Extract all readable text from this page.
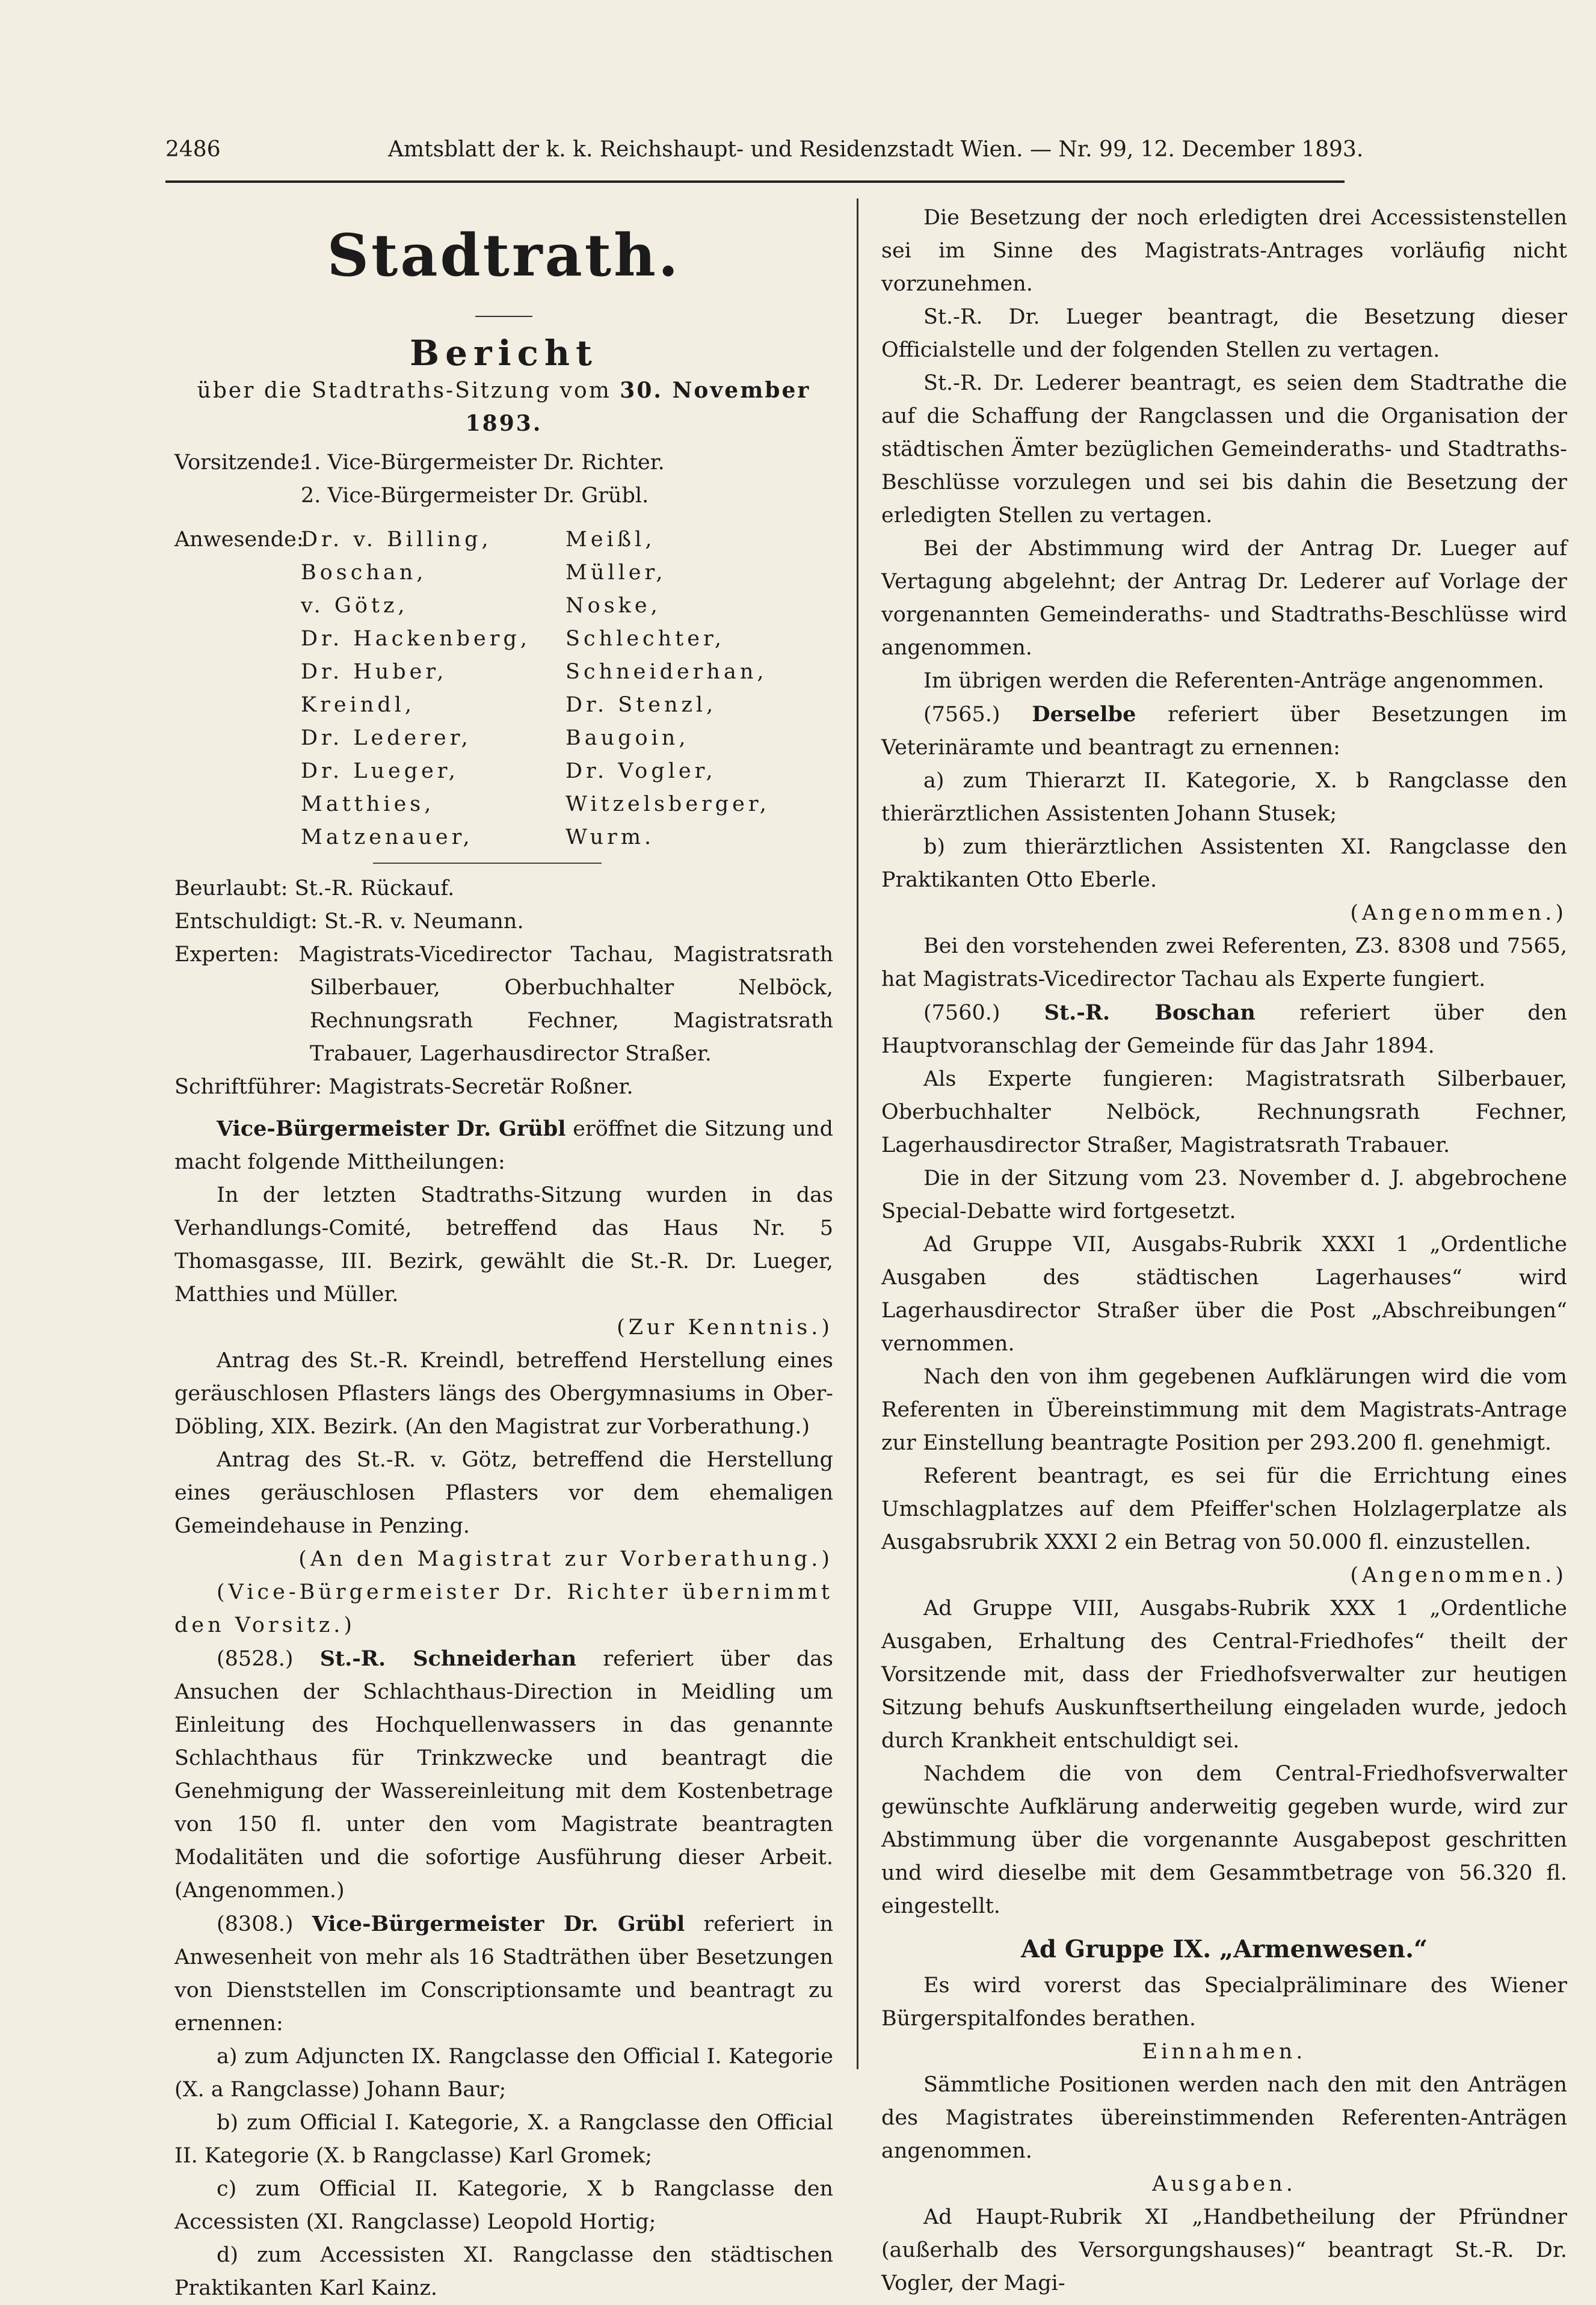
2486	Amtsblatt der k. k. Reichshaupt- und Residenzstadt Wien. — Nr. 99, 12. December 1893.
Stadtrath.
Bericht
über die Stadtraths-Sitzung vom 30. November 1893.
Vorsitzende:
1. Vice-Bürgermeister Dr. Richter.
2. Vice-Bürgermeister Dr. Grübl.
Anwesende:
Dr. v. Billing,	Meißl,
Boschan,	Müller,
v. Götz,	Noske,
Dr. Hackenberg,	Schlechter,
Dr. Huber,	Schneiderhan,
Kreindl,	Dr. Stenzl,
Dr. Lederer,	Baugoin,
Dr. Lueger,	Dr. Vogler,
Matthies,	Witzelsberger,
Matzenauer,	Wurm.

Beurlaubt: St.-R. Rückauf.

Entschuldigt: St.-R. v. Neumann.

Experten: Magistrats-Vicedirector Tachau, Magistratsrath Silberbauer, Oberbuchhalter Nelböck, Rechnungsrath Fechner, Magistratsrath Trabauer, Lagerhausdirector Straßer.

Schriftführer: Magistrats-Secretär Roßner.

Vice-Bürgermeister Dr. Grübl eröffnet die Sitzung und macht folgende Mittheilungen:

In der letzten Stadtraths-Sitzung wurden in das Verhandlungs-Comité, betreffend das Haus Nr. 5 Thomasgasse, III. Bezirk, gewählt die St.-R. Dr. Lueger, Matthies und Müller.

(Zur Kenntnis.)

Antrag des St.-R. Kreindl, betreffend Herstellung eines geräuschlosen Pflasters längs des Obergymnasiums in Ober-Döbling, XIX. Bezirk. (An den Magistrat zur Vorberathung.)

Antrag des St.-R. v. Götz, betreffend die Herstellung eines geräuschlosen Pflasters vor dem ehemaligen Gemeindehause in Penzing.

(An den Magistrat zur Vorberathung.)

(Vice-Bürgermeister Dr. Richter übernimmt den Vorsitz.)

(8528.) St.-R. Schneiderhan referiert über das Ansuchen der Schlachthaus-Direction in Meidling um Einleitung des Hochquellenwassers in das genannte Schlachthaus für Trinkzwecke und beantragt die Genehmigung der Wassereinleitung mit dem Kostenbetrage von 150 fl. unter den vom Magistrate beantragten Modalitäten und die sofortige Ausführung dieser Arbeit. (Angenommen.)

(8308.) Vice-Bürgermeister Dr. Grübl referiert in Anwesenheit von mehr als 16 Stadträthen über Besetzungen von Dienststellen im Conscriptionsamte und beantragt zu ernennen:

a) zum Adjuncten IX. Rangclasse den Official I. Kategorie (X. a Rangclasse) Johann Baur;

b) zum Official I. Kategorie, X. a Rangclasse den Official II. Kategorie (X. b Rangclasse) Karl Gromek;

c) zum Official II. Kategorie, X b Rangclasse den Accessisten (XI. Rangclasse) Leopold Hortig;

d) zum Accessisten XI. Rangclasse den städtischen Praktikanten Karl Kainz.

Die Besetzung der noch erledigten drei Accessistenstellen sei im Sinne des Magistrats-Antrages vorläufig nicht vorzunehmen.

St.-R. Dr. Lueger beantragt, die Besetzung dieser Officialstelle und der folgenden Stellen zu vertagen.

St.-R. Dr. Lederer beantragt, es seien dem Stadtrathe die auf die Schaffung der Rangclassen und die Organisation der städtischen Ämter bezüglichen Gemeinderaths- und Stadtraths-Beschlüsse vorzulegen und sei bis dahin die Besetzung der erledigten Stellen zu vertagen.

Bei der Abstimmung wird der Antrag Dr. Lueger auf Vertagung abgelehnt; der Antrag Dr. Lederer auf Vorlage der vorgenannten Gemeinderaths- und Stadtraths-Beschlüsse wird angenommen.

Im übrigen werden die Referenten-Anträge angenommen.

(7565.) Derselbe referiert über Besetzungen im Veterinäramte und beantragt zu ernennen:

a) zum Thierarzt II. Kategorie, X. b Rangclasse den thierärztlichen Assistenten Johann Stusek;

b) zum thierärztlichen Assistenten XI. Rangclasse den Praktikanten Otto Eberle.

(Angenommen.)

Bei den vorstehenden zwei Referenten, Z3. 8308 und 7565, hat Magistrats-Vicedirector Tachau als Experte fungiert.

(7560.) St.-R. Boschan referiert über den Hauptvoranschlag der Gemeinde für das Jahr 1894.

Als Experte fungieren: Magistratsrath Silberbauer, Oberbuchhalter Nelböck, Rechnungsrath Fechner, Lagerhausdirector Straßer, Magistratsrath Trabauer.

Die in der Sitzung vom 23. November d. J. abgebrochene Special-Debatte wird fortgesetzt.

Ad Gruppe VII, Ausgabs-Rubrik XXXI 1 „Ordentliche Ausgaben des städtischen Lagerhauses“ wird Lagerhausdirector Straßer über die Post „Abschreibungen“ vernommen.

Nach den von ihm gegebenen Aufklärungen wird die vom Referenten in Übereinstimmung mit dem Magistrats-Antrage zur Einstellung beantragte Position per 293.200 fl. genehmigt.

Referent beantragt, es sei für die Errichtung eines Umschlagplatzes auf dem Pfeiffer'schen Holzlagerplatze als Ausgabsrubrik XXXI 2 ein Betrag von 50.000 fl. einzustellen.

(Angenommen.)

Ad Gruppe VIII, Ausgabs-Rubrik XXX 1 „Ordentliche Ausgaben, Erhaltung des Central-Friedhofes“ theilt der Vorsitzende mit, dass der Friedhofsverwalter zur heutigen Sitzung behufs Auskunftsertheilung eingeladen wurde, jedoch durch Krankheit entschuldigt sei.

Nachdem die von dem Central-Friedhofsverwalter gewünschte Aufklärung anderweitig gegeben wurde, wird zur Abstimmung über die vorgenannte Ausgabepost geschritten und wird dieselbe mit dem Gesammtbetrage von 56.320 fl. eingestellt.

Ad Gruppe IX. „Armenwesen.“

Es wird vorerst das Specialpräliminare des Wiener Bürgerspitalfondes berathen.

Einnahmen.

Sämmtliche Positionen werden nach den mit den Anträgen des Magistrates übereinstimmenden Referenten-Anträgen angenommen.

Ausgaben.

Ad Haupt-Rubrik XI „Handbetheilung der Pfründner (außerhalb des Versorgungshauses)“ beantragt St.-R. Dr. Vogler, der Magi-
